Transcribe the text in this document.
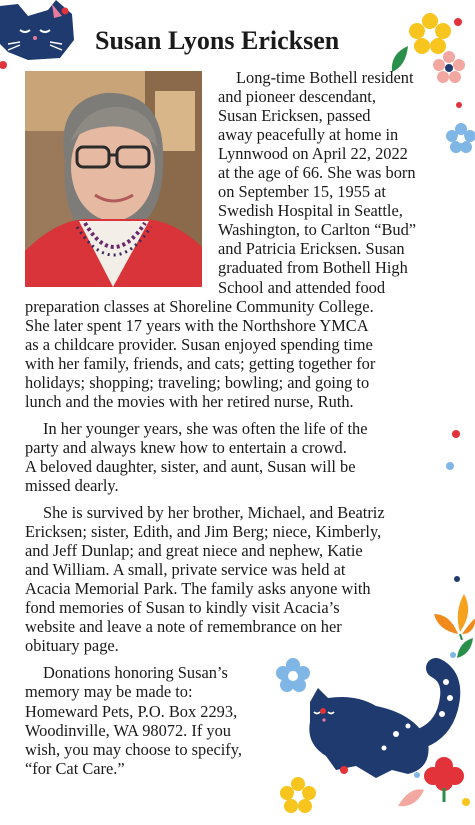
Susan Lyons Ericksen
Long-time Bothell resident
and pioneer descendant,
Susan Ericksen, passed
away peacefully at home in
Lynnwood on April 22, 2022
at the age of 66. She was born
on September 15, 1955 at
Swedish Hospital in Seattle,
Washington, to Carlton “Bud”
and Patricia Ericksen. Susan
graduated from Bothell High
School and attended food
preparation classes at Shoreline Community College.
She later spent 17 years with the Northshore YMCA
as a childcare provider. Susan enjoyed spending time
with her family, friends, and cats; getting together for
holidays; shopping; traveling; bowling; and going to
lunch and the movies with her retired nurse, Ruth.
In her younger years, she was often the life of the
party and always knew how to entertain a crowd.
A beloved daughter, sister, and aunt, Susan will be
missed dearly.
She is survived by her brother, Michael, and Beatriz
Ericksen; sister, Edith, and Jim Berg; niece, Kimberly,
and Jeff Dunlap; and great niece and nephew, Katie
and William. A small, private service was held at
Acacia Memorial Park. The family asks anyone with
fond memories of Susan to kindly visit Acacia’s
website and leave a note of remembrance on her
obituary page.
Donations honoring Susan’s
memory may be made to:
Homeward Pets, P.O. Box 2293,
Woodinville, WA 98072. If you
wish, you may choose to specify,
“for Cat Care.”
